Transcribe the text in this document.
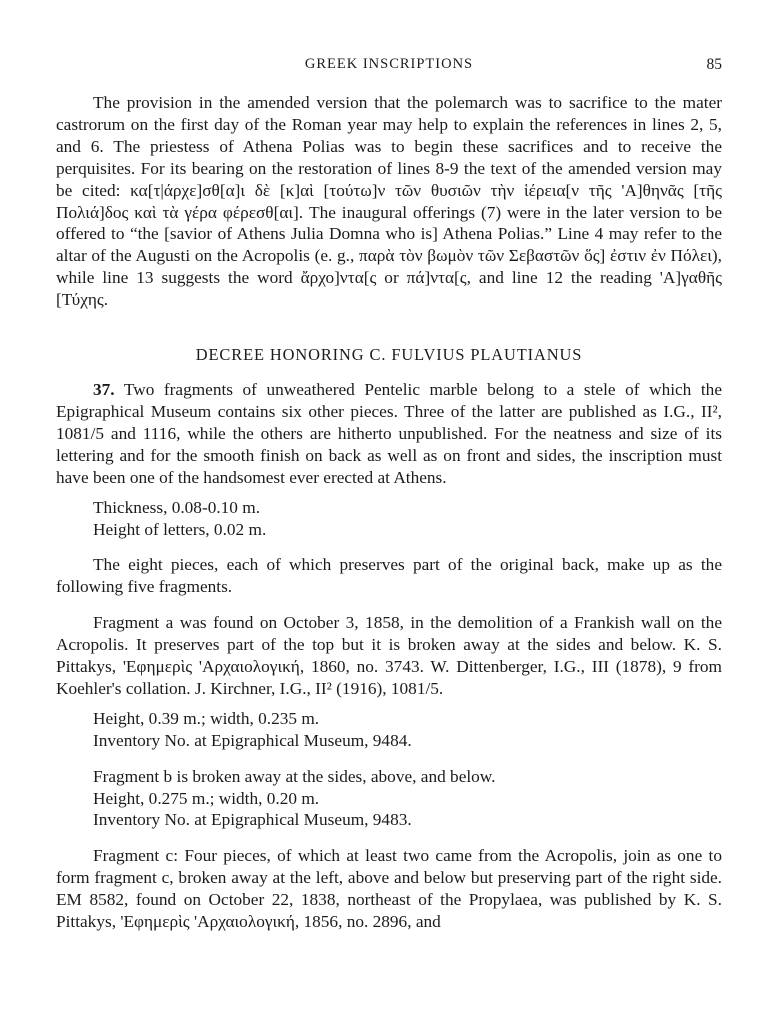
GREEK INSCRIPTIONS	85

The provision in the amended version that the polemarch was to sacrifice to the mater castrorum on the first day of the Roman year may help to explain the references in lines 2, 5, and 6. The priestess of Athena Polias was to begin these sacrifices and to receive the perquisites. For its bearing on the restoration of lines 8-9 the text of the amended version may be cited: κα[τ|άρχε]σθ[α]ι δὲ [κ]αὶ [τούτω]ν τῶν θυσιῶν τὴν ἱέρεια[ν τῆς 'Α]θηνᾶς [τῆς Πολιά]δος καὶ τὰ γέρα φέρεσθ[αι]. The inaugural offerings (7) were in the later version to be offered to “the [savior of Athens Julia Domna who is] Athena Polias.” Line 4 may refer to the altar of the Augusti on the Acropolis (e. g., παρὰ τὸν βωμὸν τῶν Σεβαστῶν ὅς] ἐστιν ἐν Πόλει), while line 13 suggests the word ἄρχο]ντα[ς or πά]ντα[ς, and line 12 the reading 'Α]γαθῆς [Τύχης.

DECREE HONORING C. FULVIUS PLAUTIANUS

37. Two fragments of unweathered Pentelic marble belong to a stele of which the Epigraphical Museum contains six other pieces. Three of the latter are published as I.G., II², 1081/5 and 1116, while the others are hitherto unpublished. For the neatness and size of its lettering and for the smooth finish on back as well as on front and sides, the inscription must have been one of the handsomest ever erected at Athens.

Thickness, 0.08-0.10 m.
Height of letters, 0.02 m.

The eight pieces, each of which preserves part of the original back, make up as the following five fragments.

Fragment a was found on October 3, 1858, in the demolition of a Frankish wall on the Acropolis. It preserves part of the top but it is broken away at the sides and below. K. S. Pittakys, 'Εφημερὶς 'Αρχαιολογική, 1860, no. 3743. W. Dittenberger, I.G., III (1878), 9 from Koehler's collation. J. Kirchner, I.G., II² (1916), 1081/5.

Height, 0.39 m.; width, 0.235 m.
Inventory No. at Epigraphical Museum, 9484.
Fragment b is broken away at the sides, above, and below.
Height, 0.275 m.; width, 0.20 m.
Inventory No. at Epigraphical Museum, 9483.

Fragment c: Four pieces, of which at least two came from the Acropolis, join as one to form fragment c, broken away at the left, above and below but preserving part of the right side. EM 8582, found on October 22, 1838, northeast of the Propylaea, was published by K. S. Pittakys, 'Εφημερὶς 'Αρχαιολογική, 1856, no. 2896, and
